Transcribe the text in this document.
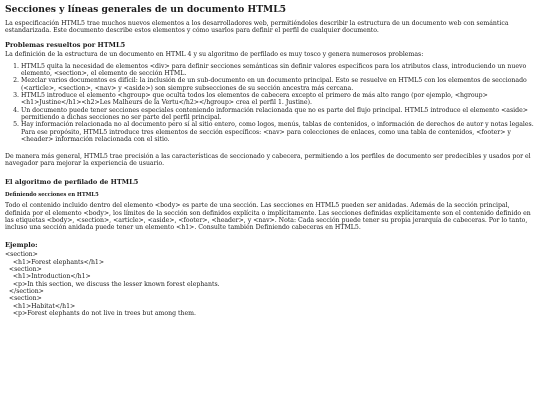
Secciones y líneas generales de un documento HTML5

La especificación HTML5 trae muchos nuevos elementos a los desarrolladores web, permitiéndoles describir la estructura de un documento web con semántica estandarizada. Este documento describe estos elementos y cómo usarlos para definir el perfil de cualquier documento.

Problemas resueltos por HTML5

La definición de la estructura de un documento en HTML 4 y su algoritmo de perfilado es muy tosco y genera numerosos problemas:

1. HTML5 quita la necesidad de elementos <div> para definir secciones semánticas sin definir valores específicos para los atributos class, introduciendo un nuevo elemento, <section>, el elemento de sección HTML.
2. Mezclar varios documentos es difícil: la inclusión de un sub-documento en un documento principal. Esto se resuelve en HTML5 con los elementos de seccionado (<article>, <section>, <nav> y <aside>) son siempre subsecciones de su sección ancestra más cercana.
3. HTML5 introduce el elemento <hgroup> que oculta todos los elementos de cabecera excepto el primero de más alto rango (por ejemplo, <hgroup> <h1>Justine</h1><h2>Les Malheurs de la Vertu</h2></hgroup> crea el perfil 1. Justine).
4. Un documento puede tener secciones especiales conteniendo información relacionada que no es parte del flujo principal. HTML5 introduce el elemento <aside> permitiendo a dichas secciones no ser parte del perfil principal.
5. Hay información relacionada no al documento pero sí al sitio entero, como logos, menús, tablas de contenidos, o información de derechos de autor y notas legales. Para ese propósito, HTML5 introduce tres elementos de sección específicos: <nav> para colecciones de enlaces, como una tabla de contenidos, <footer> y <header> información relacionada con el sitio.

De manera más general, HTML5 trae precisión a las características de seccionado y cabecera, permitiendo a los perfiles de documento ser predecibles y usados por el navegador para mejorar la experiencia de usuario.

El algoritmo de perfilado de HTML5
Definiendo secciones en HTML5

Todo el contenido incluido dentro del elemento <body> es parte de una sección. Las secciones en HTML5 pueden ser anidadas. Además de la sección principal, definida por el elemento <body>, los límites de la sección son definidos explícita o implícitamente. Las secciones definidas explícitamente son el contenido definido en las etiquetas <body>, <section>, <article>, <aside>, <footer>, <header>, y <nav>. Nota: Cada sección puede tener su propia jerarquía de cabeceras. Por lo tanto, incluso una sección anidada puede tener un elemento <h1>. Consulte también Definiendo cabeceras en HTML5.

Ejemplo:
<section>
<h1>Forest elephants</h1>
<section>
<h1>Introduction</h1>
<p>In this section, we discuss the lesser known forest elephants.
</section>
<section>
<h1>Habitat</h1>
<p>Forest elephants do not live in trees but among them.
